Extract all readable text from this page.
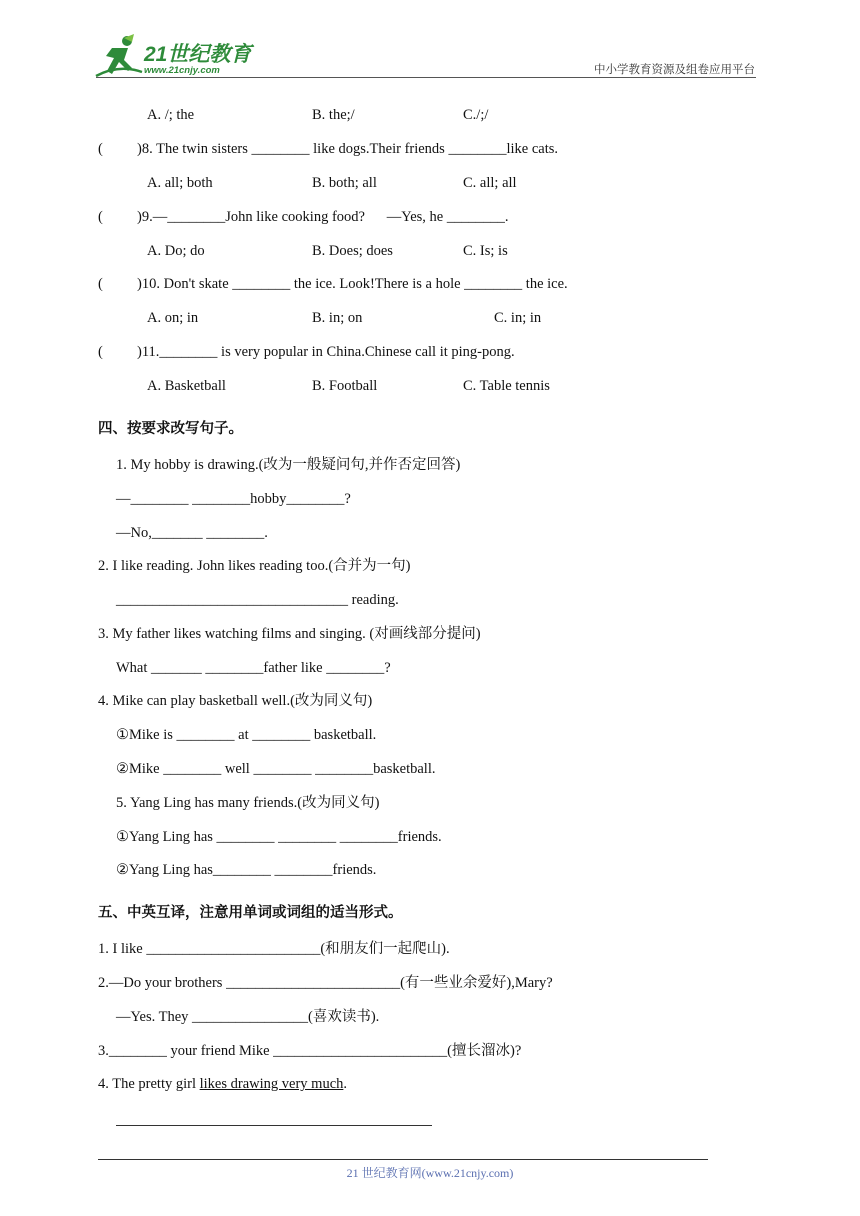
21世纪教育
www.21cnjy.com	中小学教育资源及组卷应用平台
A. /; the	B. the;/	C./;/
( )8. The twin sisters ________ like dogs.Their friends ________like cats.
A. all; both	B. both; all	C. all; all
( )9.—________John like cooking food?      —Yes, he ________.
A. Do; do	B. Does; does	C. Is; is
( )10. Don't skate ________ the ice. Look!There is a hole ________ the ice.
A. on; in	B. in; on	C. in; in
( )11.________ is very popular in China.Chinese call it ping-pong.
A. Basketball	B. Football	C. Table tennis
四、按要求改写句子。
1. My hobby is drawing.(改为一般疑问句,并作否定回答)
—________ ________hobby________?
—No,_______ ________.
2. I like reading. John likes reading too.(合并为一句)
________________________________ reading.
3. My father likes watching films and singing. (对画线部分提问)
What _______ ________father like ________?
4. Mike can play basketball well.(改为同义句)
①Mike is ________ at ________ basketball.
②Mike ________ well ________ ________basketball.
5. Yang Ling has many friends.(改为同义句)
①Yang Ling has ________ ________ ________friends.
②Yang Ling has________ ________friends.
五、中英互译，注意用单词或词组的适当形式。
1. I like ________________________(和朋友们一起爬山).
2.—Do your brothers ________________________(有一些业余爱好),Mary?
—Yes. They ________________(喜欢读书).
3.________ your friend Mike ________________________(擅长溜冰)?
4. The pretty girl likes drawing very much.
21 世纪教育网(www.21cnjy.com)
